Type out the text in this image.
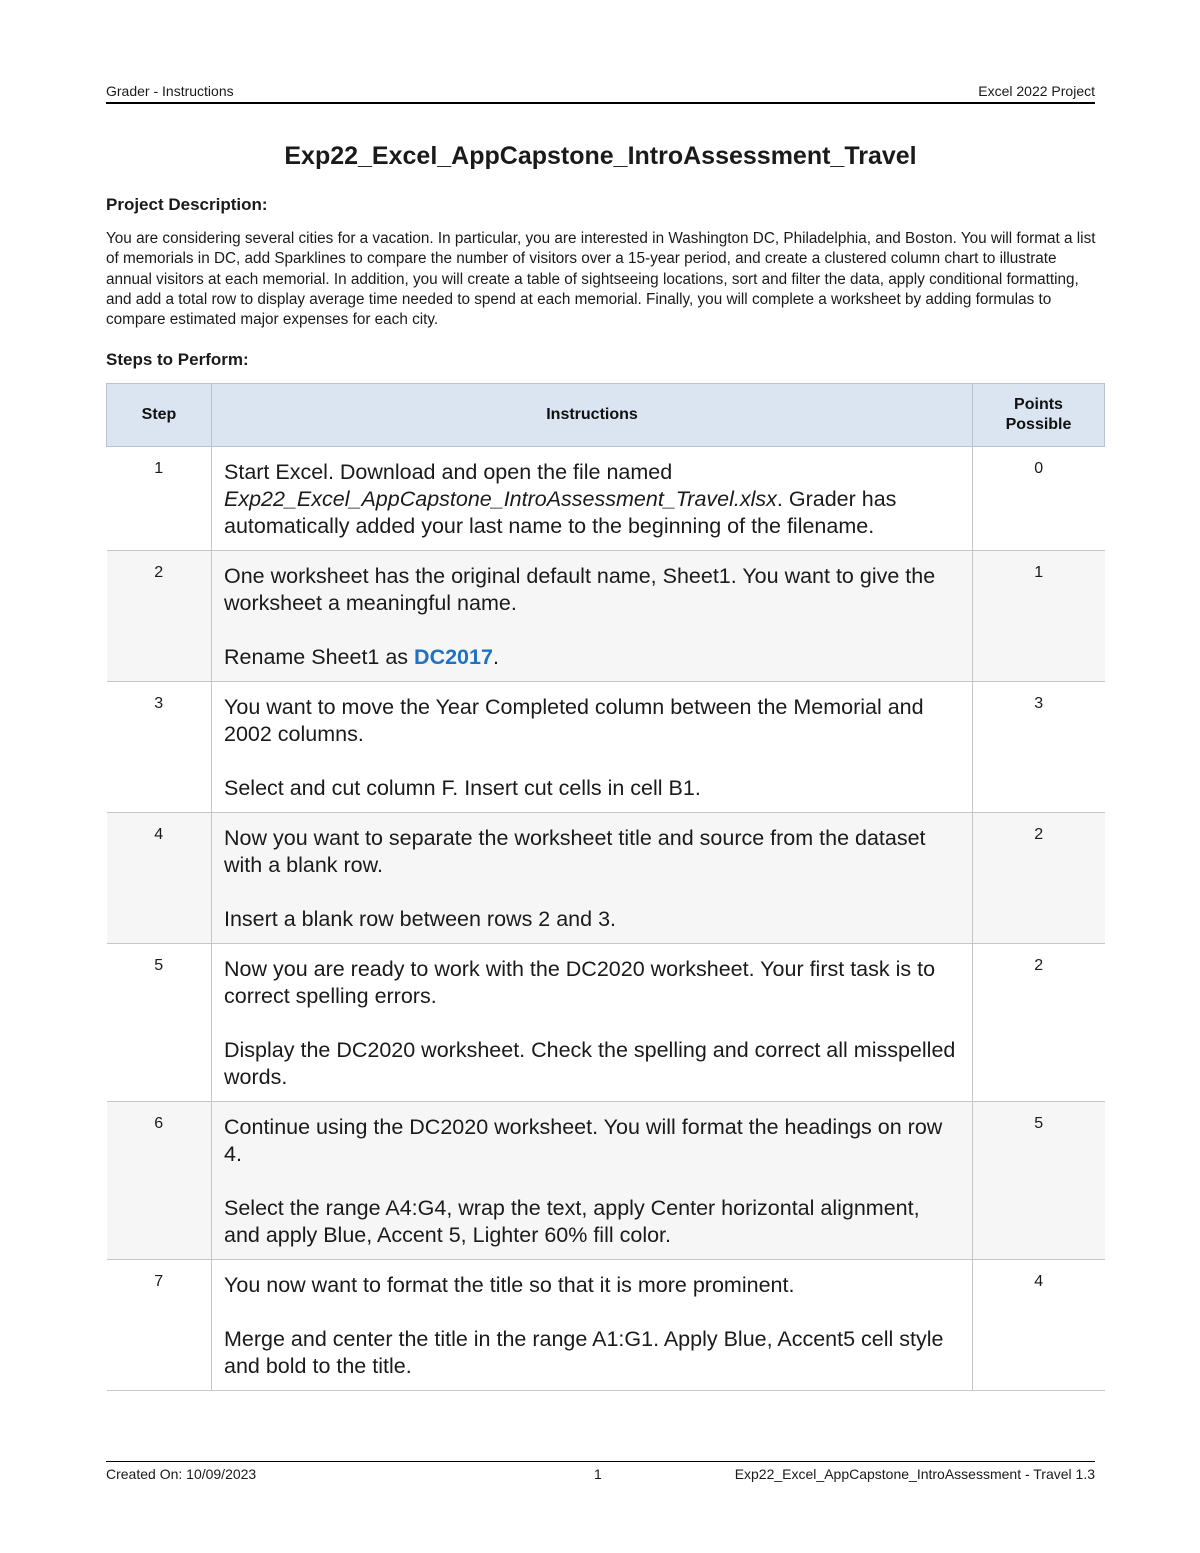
Grader - Instructions	Excel 2022 Project
Exp22_Excel_AppCapstone_IntroAssessment_Travel
Project Description:
You are considering several cities for a vacation. In particular, you are interested in Washington DC, Philadelphia, and Boston. You will format a list of memorials in DC, add Sparklines to compare the number of visitors over a 15-year period, and create a clustered column chart to illustrate annual visitors at each memorial. In addition, you will create a table of sightseeing locations, sort and filter the data, apply conditional formatting, and add a total row to display average time needed to spend at each memorial. Finally, you will complete a worksheet by adding formulas to compare estimated major expenses for each city.
Steps to Perform:
Step	Instructions	Points
Possible

1	Start Excel. Download and open the file named Exp22_Excel_AppCapstone_IntroAssessment_Travel.xlsx. Grader has automatically added your last name to the beginning of the filename.	0
2	One worksheet has the original default name, Sheet1. You want to give the worksheet a meaningful name.

Rename Sheet1 as DC2017.	1
3	You want to move the Year Completed column between the Memorial and 2002 columns.

Select and cut column F. Insert cut cells in cell B1.	3
4	Now you want to separate the worksheet title and source from the dataset with a blank row.

Insert a blank row between rows 2 and 3.	2
5	Now you are ready to work with the DC2020 worksheet. Your first task is to correct spelling errors.

Display the DC2020 worksheet. Check the spelling and correct all misspelled words.	2
6	Continue using the DC2020 worksheet. You will format the headings on row 4.

Select the range A4:G4, wrap the text, apply Center horizontal alignment, and apply Blue, Accent 5, Lighter 60% fill color.	5
7	You now want to format the title so that it is more prominent.

Merge and center the title in the range A1:G1. Apply Blue, Accent5 cell style and bold to the title.	4
Created On: 10/09/2023	1	Exp22_Excel_AppCapstone_IntroAssessment - Travel 1.3
